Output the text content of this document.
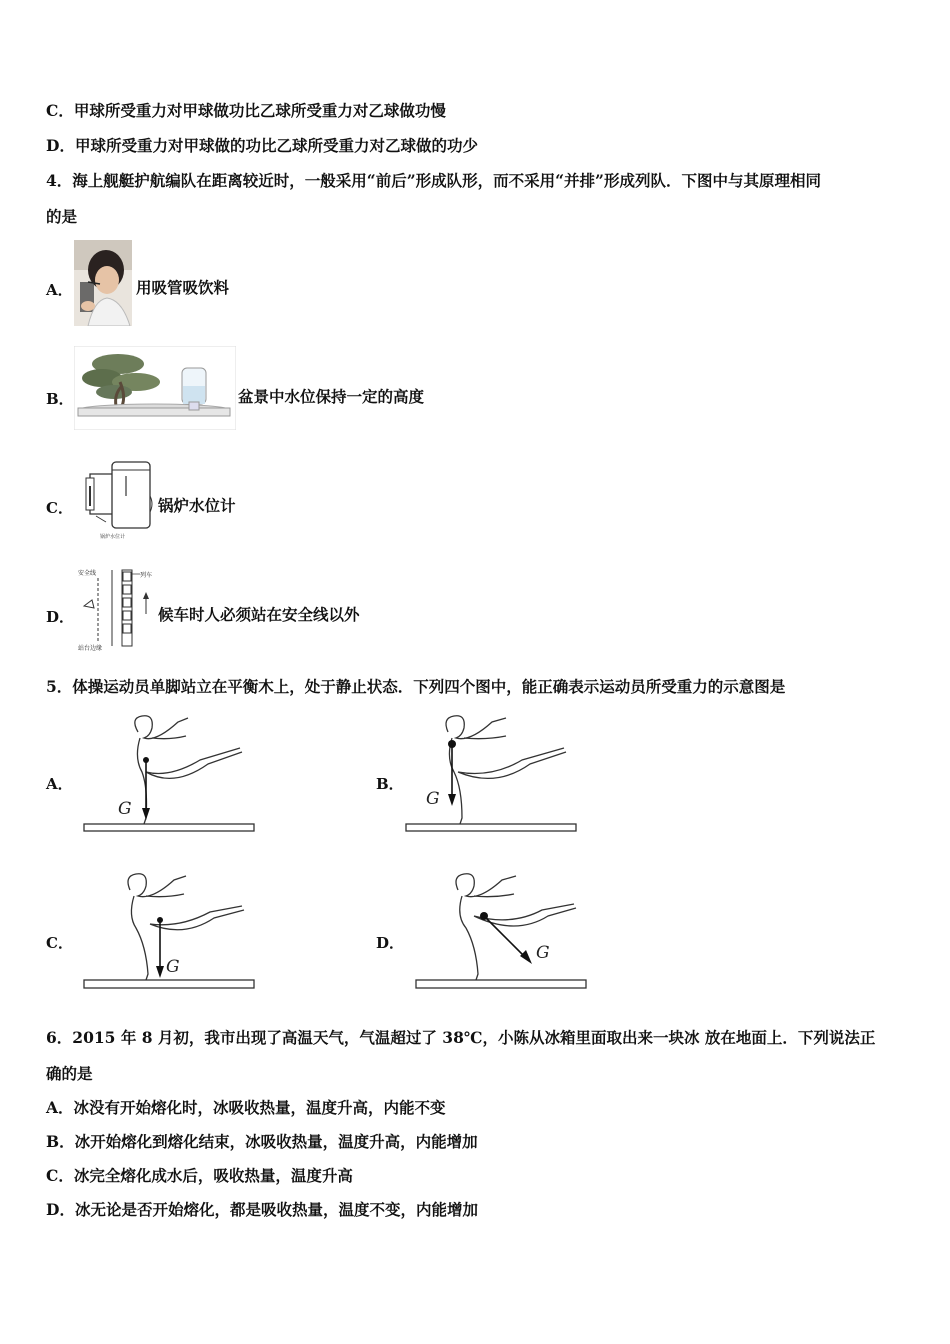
C．甲球所受重力对甲球做功比乙球所受重力对乙球做功慢
D．甲球所受重力对甲球做的功比乙球所受重力对乙球做的功少
4．海上舰艇护航编队在距离较近时，一般采用“前后”形成队形，而不采用“并排”形成列队．下图中与其原理相同
的是
A．	用吸管吸饮料
B．	盆景中水位保持一定的高度
C．
锅炉水位计
锅炉水位计
D．
安全线	列车
站台边缘
候车时人必须站在安全线以外
5．体操运动员单脚站立在平衡木上，处于静止状态．下列四个图中，能正确表示运动员所受重力的示意图是
A．	B．
C．	D．
G	G
G
G
6．2015 年 8 月初，我市出现了高温天气，气温超过了 38℃，小陈从冰箱里面取出来一块冰 放在地面上．下列说法正
确的是
A．冰没有开始熔化时，冰吸收热量，温度升高，内能不变
B．冰开始熔化到熔化结束，冰吸收热量，温度升高，内能增加
C．冰完全熔化成水后，吸收热量，温度升高
D．冰无论是否开始熔化，都是吸收热量，温度不变，内能增加
